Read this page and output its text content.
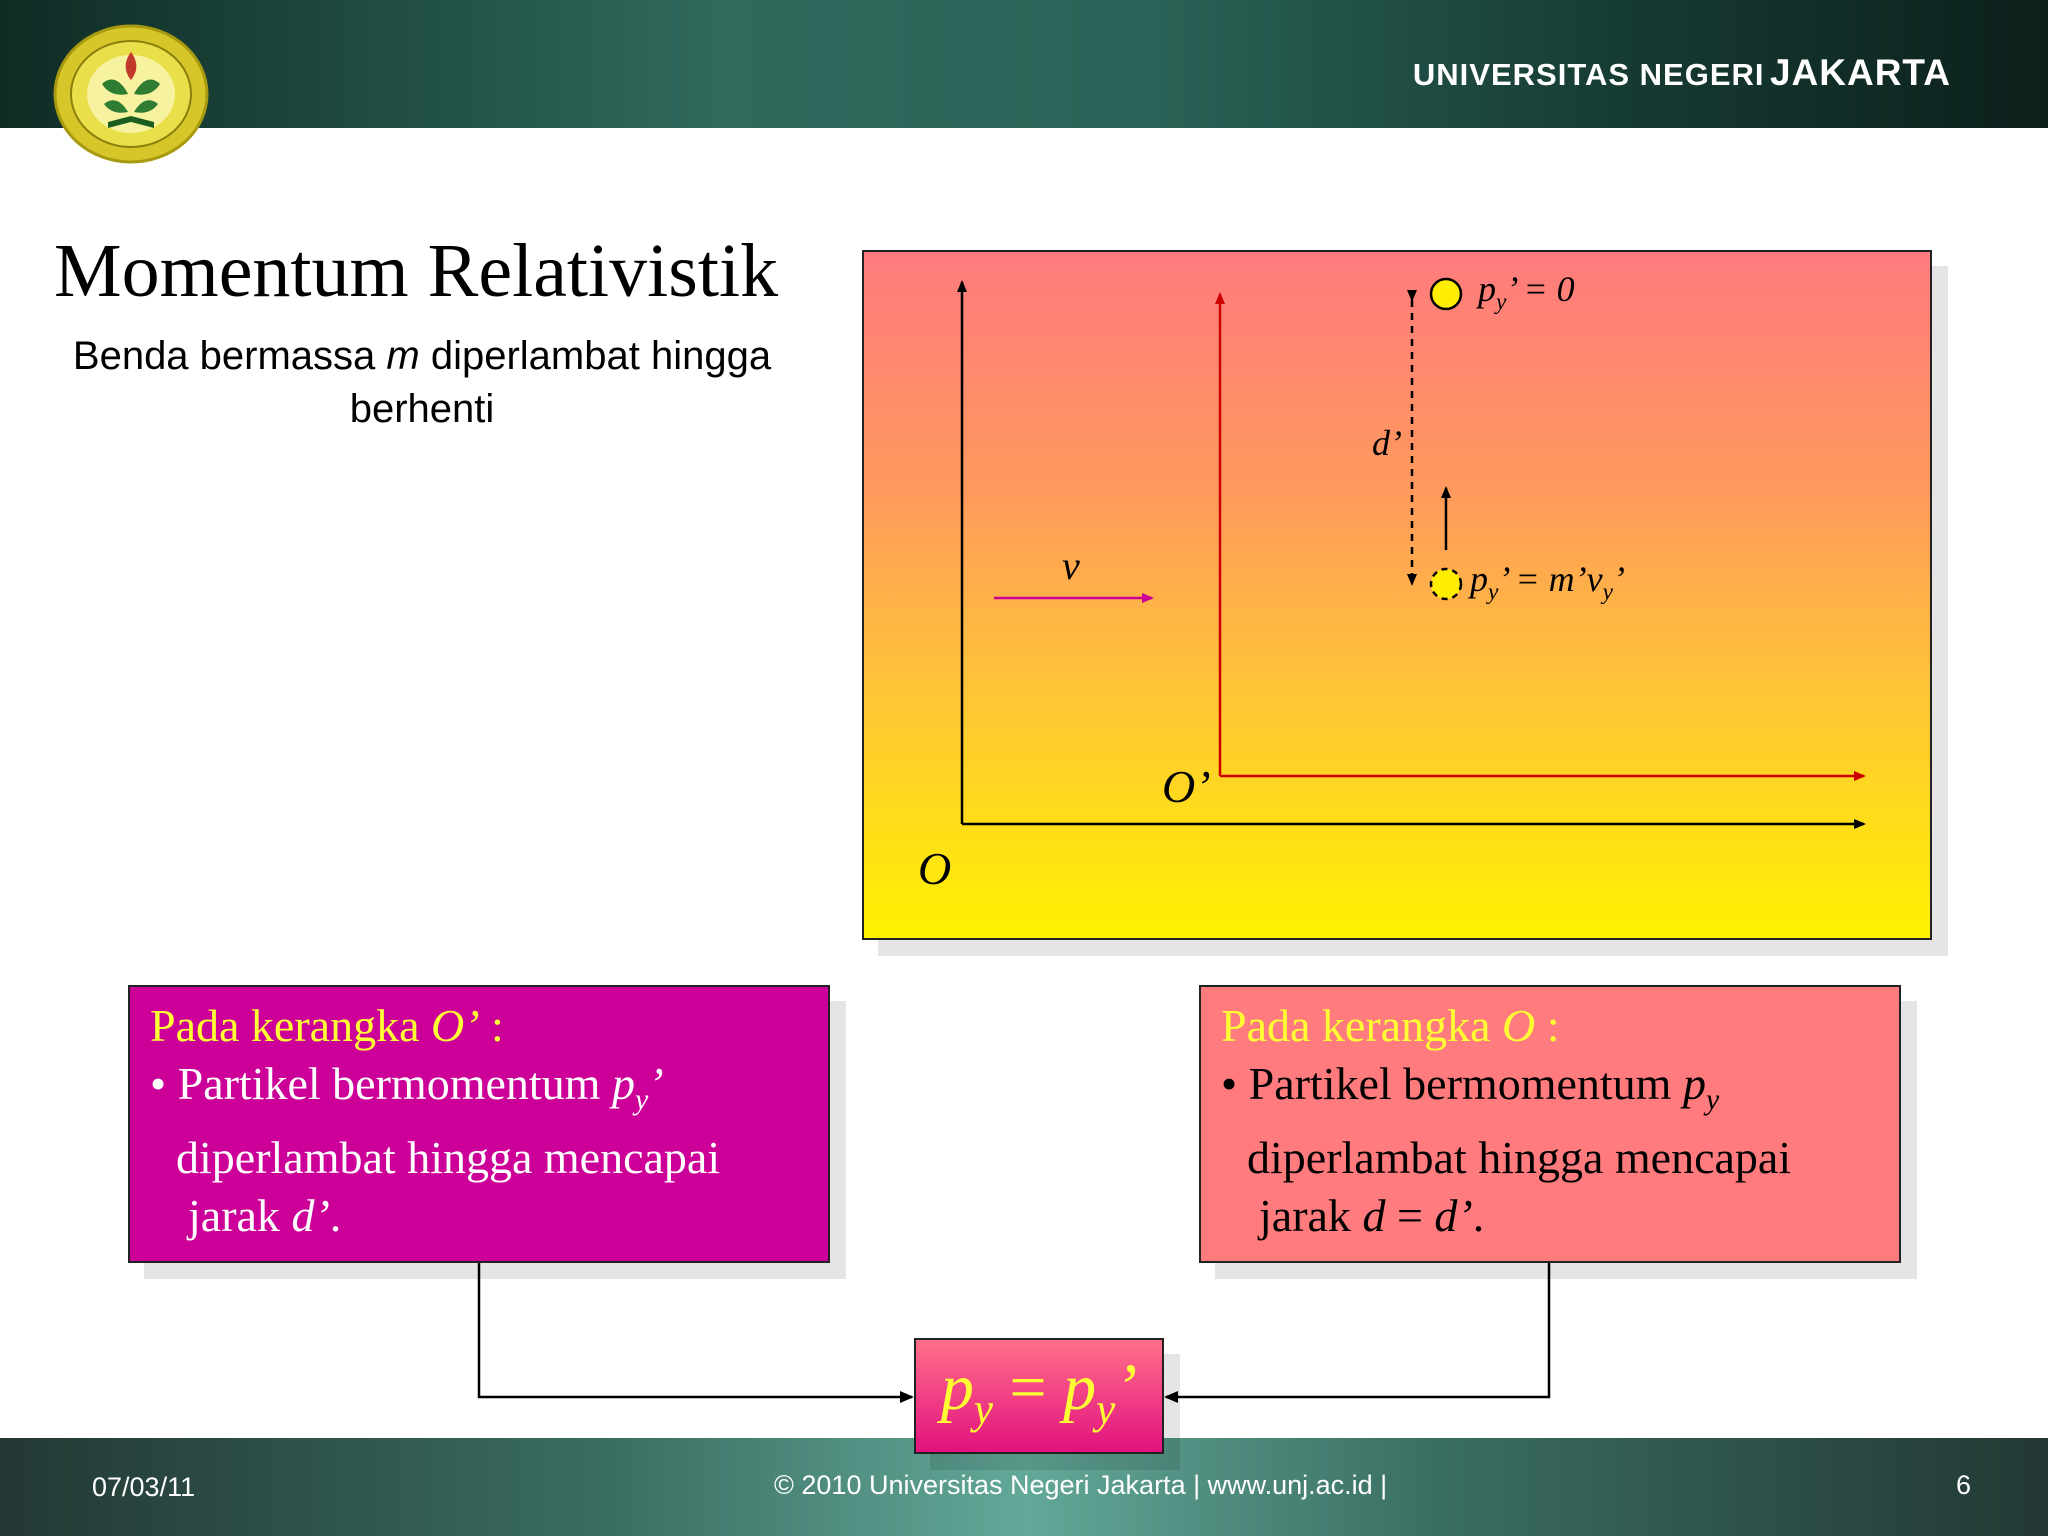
UNIVERSITAS NEGERI JAKARTA
Momentum Relativistik
Benda bermassa m diperlambat hingga
berhenti
v
O
O’
d’
$p_y$’ = 0
$p_y$’ = $m’v_y$’
Pada kerangka O’ :
• Partikel bermomentum $p_y$’
diperlambat hingga mencapai
jarak d’.
Pada kerangka O :
• Partikel bermomentum $p_y$
diperlambat hingga mencapai
jarak d = d’.
07/03/11	© 2010 Universitas Negeri Jakarta | www.unj.ac.id |	6
$p_y = p_y$’
